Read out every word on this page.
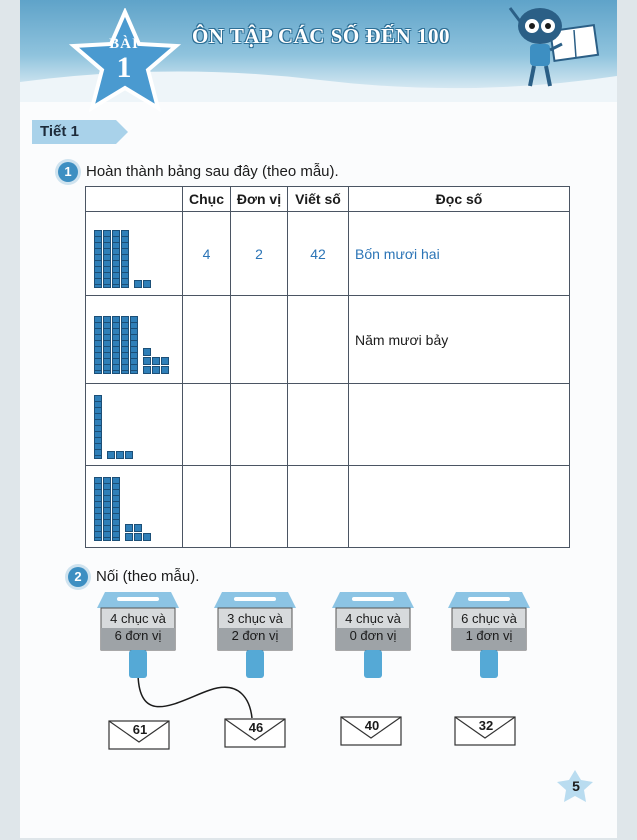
BÀI
1
ÔN TẬP CÁC SỐ ĐẾN 100
Tiết 1
1 Hoàn thành bảng sau đây (theo mẫu).
	Chục	Đơn vị	Viết số	Đọc số

	4	2	42	Bốn mươi hai

				Năm mươi bảy

2 Nối (theo mẫu).
4 chục và
6 đơn vị
3 chục và
2 đơn vị
4 chục và
0 đơn vị
6 chục và
1 đơn vị
61	46	40	32
5
